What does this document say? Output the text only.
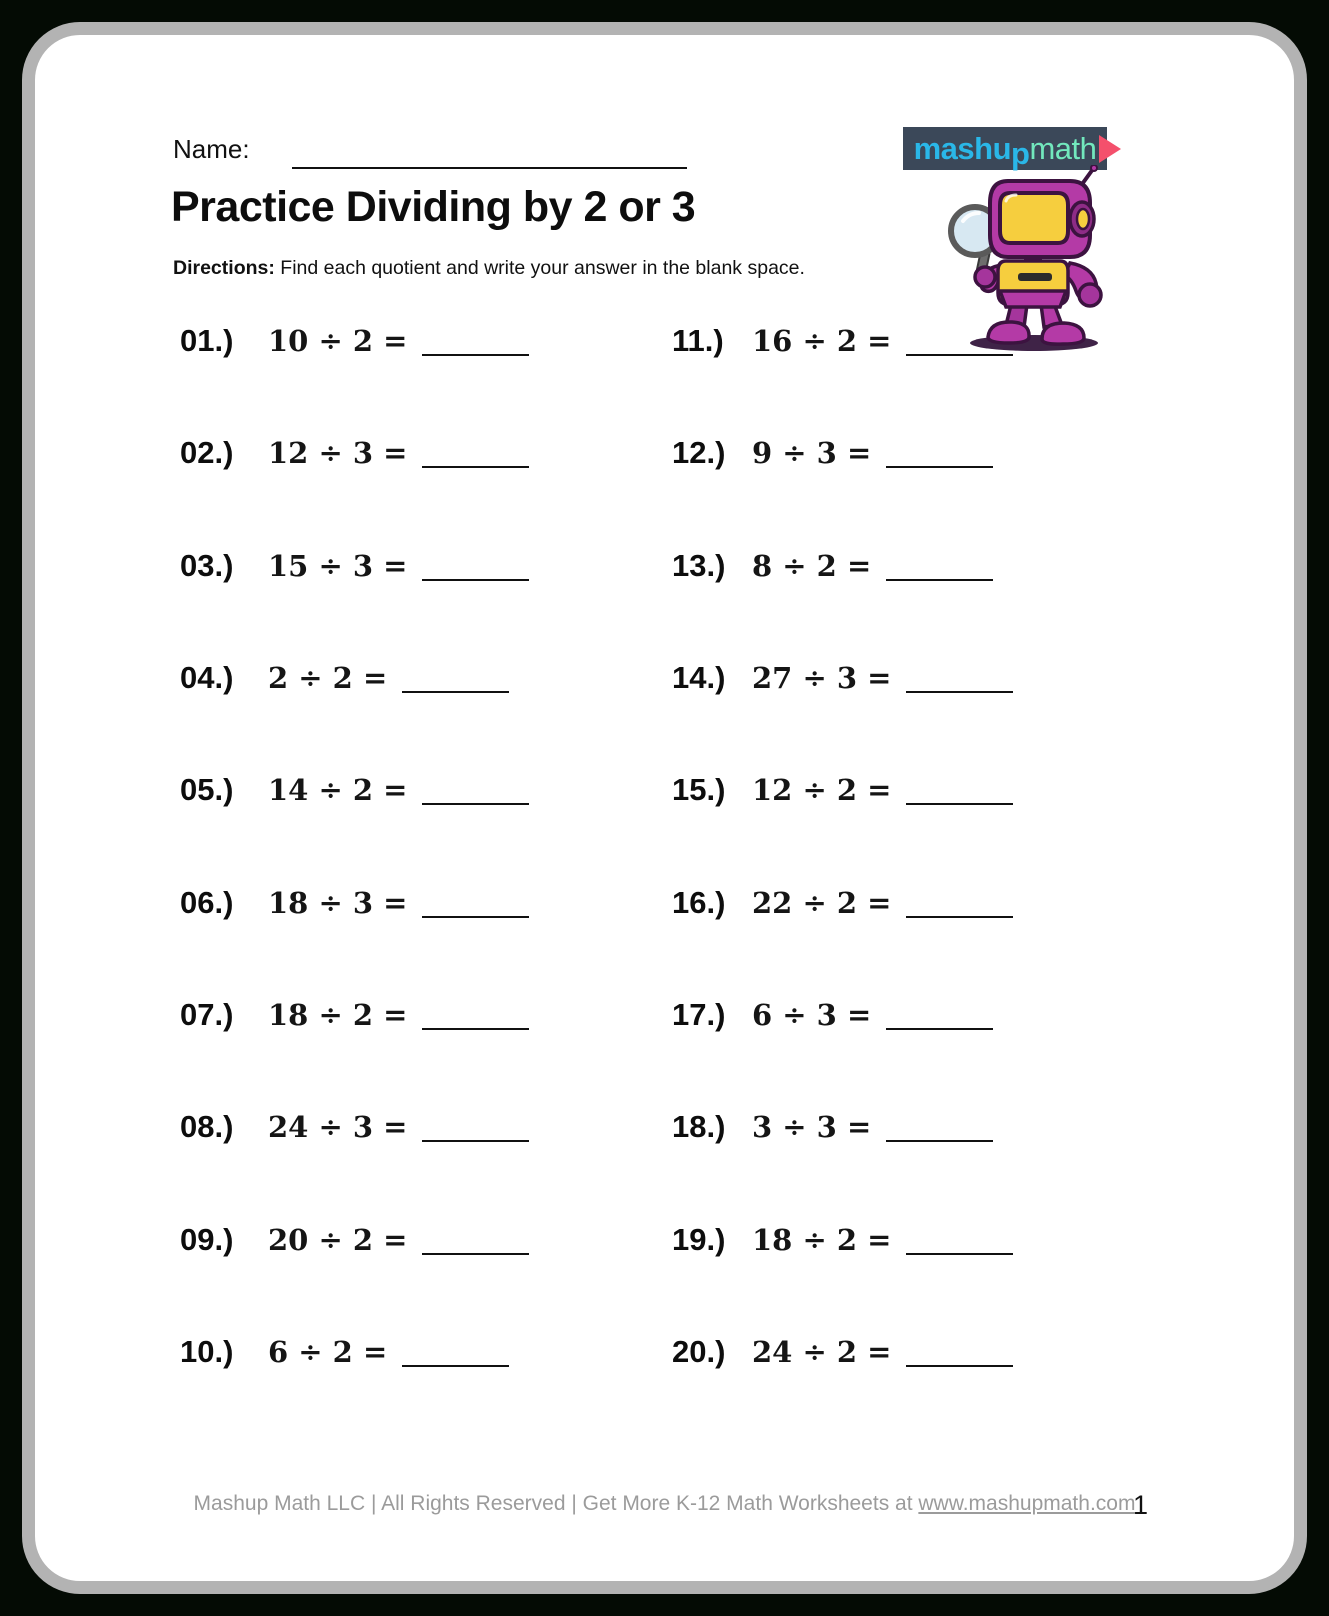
Name:	mashu p math
Practice Dividing by 2 or 3

Directions: Find each quotient and write your answer in the blank space.

01.)	10 ÷ 2 =
02.)	12 ÷ 3 =
03.)	15 ÷ 3 =
04.)	2 ÷ 2 =
05.)	14 ÷ 2 =
06.)	18 ÷ 3 =
07.)	18 ÷ 2 =
08.)	24 ÷ 3 =
09.)	20 ÷ 2 =
10.)	6 ÷ 2 =
11.) 16 ÷ 2 =
12.) 9 ÷ 3 =
13.) 8 ÷ 2 =
14.) 27 ÷ 3 =
15.) 12 ÷ 2 =
16.) 22 ÷ 2 =
17.) 6 ÷ 3 =
18.) 3 ÷ 3 =
19.) 18 ÷ 2 =
20.) 24 ÷ 2 =
Mashup Math LLC | All Rights Reserved | Get More K-12 Math Worksheets at www.mashupmath.com
1
